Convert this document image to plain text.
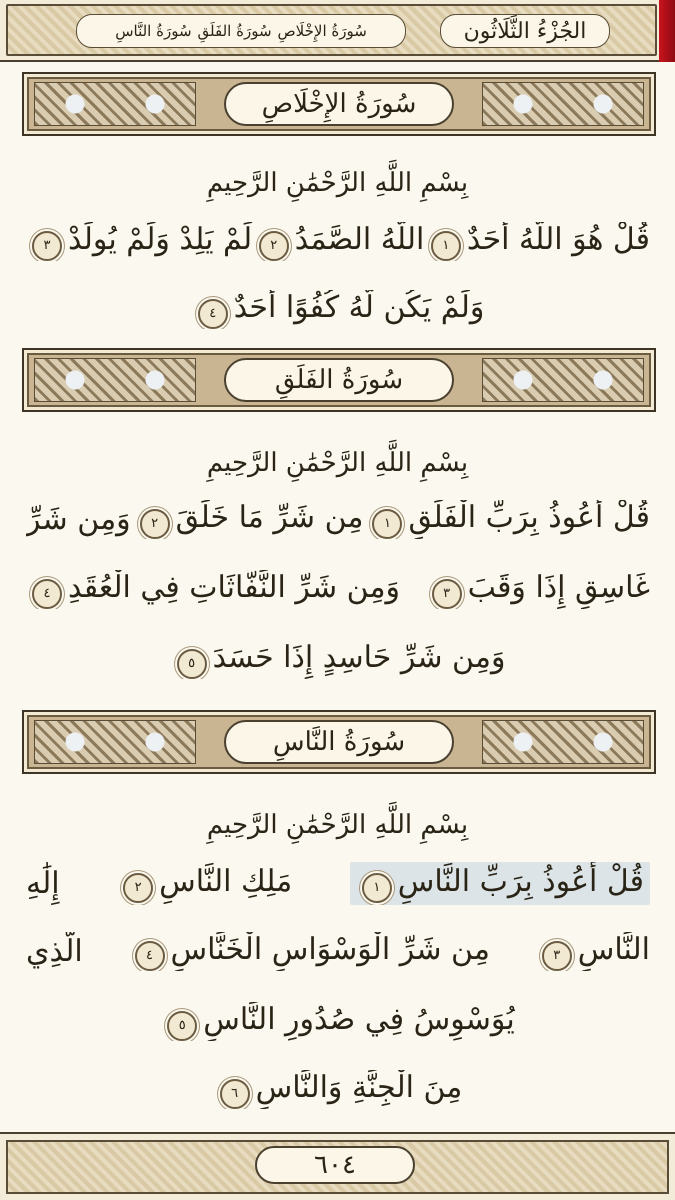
سُورَةُ الإِخْلَاصِ
سُورَةُ الفَلَقِ
سُورَةُ النَّاسِ	الجُزْءُ الثَّلَاثُون
سُورَةُ الإِخْلَاصِ
بِسْمِ اللَّهِ الرَّحْمَٰنِ الرَّحِيمِ
قُلْ هُوَ اللَّهُ أَحَدٌ١
اللَّهُ الصَّمَدُ٢
لَمْ يَلِدْ وَلَمْ يُولَدْ٣
وَلَمْ يَكُن لَّهُ كُفُوًا أَحَدٌ٤
سُورَةُ الفَلَقِ
بِسْمِ اللَّهِ الرَّحْمَٰنِ الرَّحِيمِ
قُلْ أَعُوذُ بِرَبِّ الْفَلَقِ١
مِن شَرِّ مَا خَلَقَ٢
وَمِن شَرِّ
غَاسِقٍ إِذَا وَقَبَ٣
وَمِن شَرِّ النَّفَّاثَاتِ فِي الْعُقَدِ٤
وَمِن شَرِّ حَاسِدٍ إِذَا حَسَدَ٥
سُورَةُ النَّاسِ
بِسْمِ اللَّهِ الرَّحْمَٰنِ الرَّحِيمِ
قُلْ أَعُوذُ بِرَبِّ النَّاسِ١
مَلِكِ النَّاسِ٢
إِلَٰهِ
النَّاسِ٣
مِن شَرِّ الْوَسْوَاسِ الْخَنَّاسِ٤
الَّذِي
يُوَسْوِسُ فِي صُدُورِ النَّاسِ٥
مِنَ الْجِنَّةِ وَالنَّاسِ٦
٦٠٤
